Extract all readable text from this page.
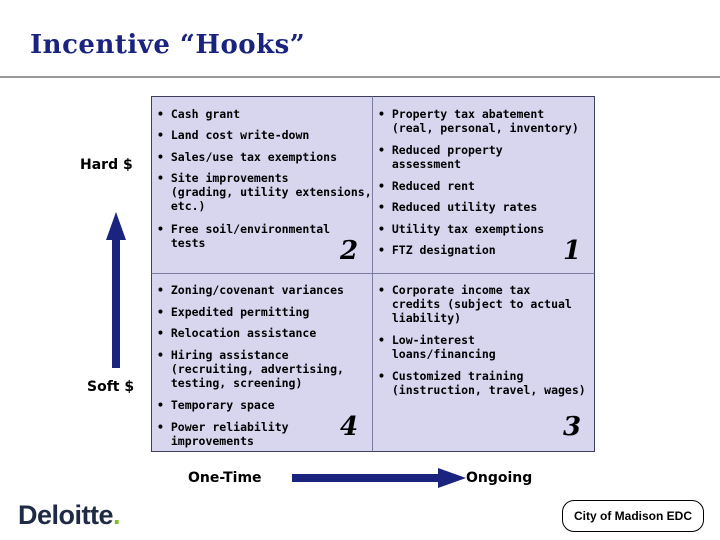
Incentive “Hooks”
• Cash grant
• Land cost write-down
• Sales/use tax exemptions
• Site improvements
(grading, utility extensions,
etc.)
• Free soil/environmental
tests	2
• Property tax abatement
(real, personal, inventory)
• Reduced property
assessment
• Reduced rent
• Reduced utility rates
• Utility tax exemptions
• FTZ designation	1
• Zoning/covenant variances
• Expedited permitting
• Relocation assistance
• Hiring assistance
(recruiting, advertising,
testing, screening)
• Temporary space
• Power reliability
improvements	4
• Corporate income tax
credits (subject to actual
liability)
• Low-interest
loans/financing
• Customized training
(instruction, travel, wages)
3
Hard $
Soft $
One-Time	Ongoing
Deloitte.	City of Madison EDC
